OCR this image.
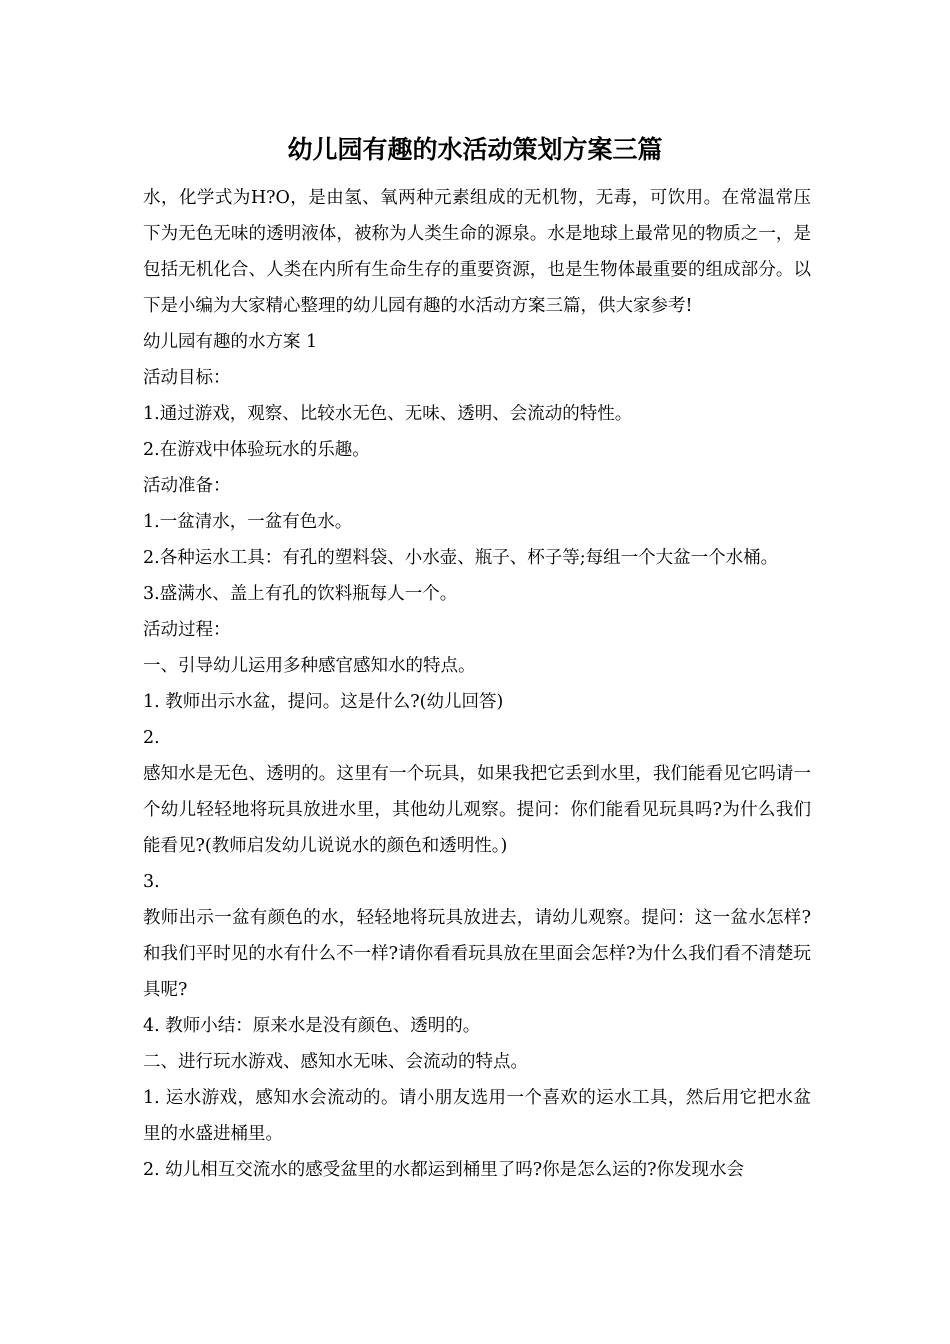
幼儿园有趣的水活动策划方案三篇

水，化学式为H?O，是由氢、氧两种元素组成的无机物，无毒，可饮用。在常温常压下为无色无味的透明液体，被称为人类生命的源泉。水是地球上最常见的物质之一，是包括无机化合、人类在内所有生命生存的重要资源，也是生物体最重要的组成部分。以下是小编为大家精心整理的幼儿园有趣的水活动方案三篇，供大家参考!

幼儿园有趣的水方案 1

活动目标：

1.通过游戏，观察、比较水无色、无味、透明、会流动的特性。

2.在游戏中体验玩水的乐趣。

活动准备：

1.一盆清水，一盆有色水。

2.各种运水工具：有孔的塑料袋、小水壶、瓶子、杯子等;每组一个大盆一个水桶。

3.盛满水、盖上有孔的饮料瓶每人一个。

活动过程：

一、引导幼儿运用多种感官感知水的特点。

1. 教师出示水盆，提问。这是什么?(幼儿回答)

2.

感知水是无色、透明的。这里有一个玩具，如果我把它丢到水里，我们能看见它吗请一个幼儿轻轻地将玩具放进水里，其他幼儿观察。提问：你们能看见玩具吗?为什么我们能看见?(教师启发幼儿说说水的颜色和透明性。)

3.

教师出示一盆有颜色的水，轻轻地将玩具放进去，请幼儿观察。提问：这一盆水怎样?和我们平时见的水有什么不一样?请你看看玩具放在里面会怎样?为什么我们看不清楚玩具呢?

4. 教师小结：原来水是没有颜色、透明的。

二、进行玩水游戏、感知水无味、会流动的特点。

1. 运水游戏，感知水会流动的。请小朋友选用一个喜欢的运水工具，然后用它把水盆里的水盛进桶里。

2. 幼儿相互交流水的感受盆里的水都运到桶里了吗?你是怎么运的?你发现水会
